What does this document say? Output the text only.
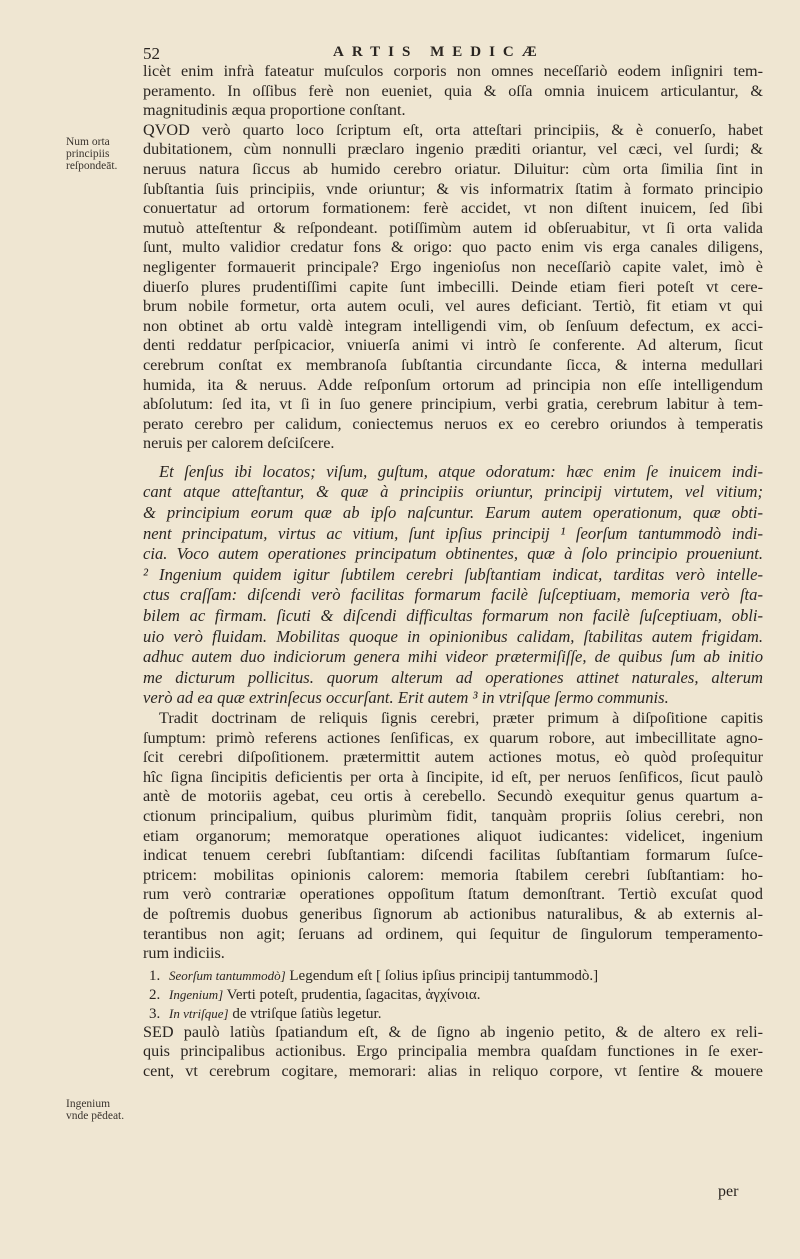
52	ARTIS MEDICÆ
Num orta
principiis
reſpondeāt.
Ingenium
vnde pēdeat.
licèt enim infrà fateatur muſculos corporis non omnes neceſſariò eodem inſigniri tem-
peramento. In oſſibus ferè non eueniet, quia & oſſa omnia inuicem articulantur, &
magnitudinis æqua proportione conſtant.
QVOD verò quarto loco ſcriptum eſt, orta atteſtari principiis, & è conuerſo, habet
dubitationem, cùm nonnulli præclaro ingenio præditi oriantur, vel cæci, vel ſurdi; &
neruus natura ſiccus ab humido cerebro oriatur. Diluitur: cùm orta ſimilia ſint in
ſubſtantia ſuis principiis, vnde oriuntur; & vis informatrix ſtatim à formato principio
conuertatur ad ortorum formationem: ferè accidet, vt non diſtent inuicem, ſed ſibi
mutuò atteſtentur & reſpondeant. potiſſimùm autem id obſeruabitur, vt ſi orta valida
ſunt, multo validior credatur fons & origo: quo pacto enim vis erga canales diligens,
negligenter formauerit principale? Ergo ingenioſus non neceſſariò capite valet, imò è
diuerſo plures prudentiſſimi capite ſunt imbecilli. Deinde etiam fieri poteſt vt cere-
brum nobile formetur, orta autem oculi, vel aures deficiant. Tertiò, fit etiam vt qui
non obtinet ab ortu valdè integram intelligendi vim, ob ſenſuum defectum, ex acci-
denti reddatur perſpicacior, vniuerſa animi vi intrò ſe conferente. Ad alterum, ſicut
cerebrum conſtat ex membranoſa ſubſtantia circundante ſicca, & interna medullari
humida, ita & neruus. Adde reſponſum ortorum ad principia non eſſe intelligendum
abſolutum: ſed ita, vt ſi in ſuo genere principium, verbi gratia, cerebrum labitur à tem-
perato cerebro per calidum, coniectemus neruos ex eo cerebro oriundos à temperatis
neruis per calorem deſciſcere.
Et ſenſus ibi locatos; viſum, guſtum, atque odoratum: hæc enim ſe inuicem indi-
cant atque atteſtantur, & quæ à principiis oriuntur, principij virtutem, vel vitium;
& principium eorum quæ ab ipſo naſcuntur. Earum autem operationum, quæ obti-
nent principatum, virtus ac vitium, ſunt ipſius principij ¹ ſeorſum tantummodò indi-
cia. Voco autem operationes principatum obtinentes, quæ à ſolo principio proueniunt.
² Ingenium quidem igitur ſubtilem cerebri ſubſtantiam indicat, tarditas verò intelle-
ctus craſſam: diſcendi verò facilitas formarum facilè ſuſceptiuam, memoria verò ſta-
bilem ac firmam. ſicuti & diſcendi difficultas formarum non facilè ſuſceptiuam, obli-
uio verò fluidam. Mobilitas quoque in opinionibus calidam, ſtabilitas autem frigidam.
adhuc autem duo indiciorum genera mihi videor prætermiſiſſe, de quibus ſum ab initio
me dicturum pollicitus. quorum alterum ad operationes attinet naturales, alterum
verò ad ea quæ extrinſecus occurſant. Erit autem ³ in vtriſque ſermo communis.
Tradit doctrinam de reliquis ſignis cerebri, præter primum à diſpoſitione capitis
ſumptum: primò referens actiones ſenſificas, ex quarum robore, aut imbecillitate agno-
ſcit cerebri diſpoſitionem. prætermittit autem actiones motus, eò quòd proſequitur
hîc ſigna ſincipitis deficientis per orta à ſincipite, id eſt, per neruos ſenſificos, ſicut paulò
antè de motoriis agebat, ceu ortis à cerebello. Secundò exequitur genus quartum a-
ctionum principalium, quibus plurimùm fidit, tanquàm propriis ſolius cerebri, non
etiam organorum; memoratque operationes aliquot iudicantes: videlicet, ingenium
indicat tenuem cerebri ſubſtantiam: diſcendi facilitas ſubſtantiam formarum ſuſce-
ptricem: mobilitas opinionis calorem: memoria ſtabilem cerebri ſubſtantiam: ho-
rum verò contrariæ operationes oppoſitum ſtatum demonſtrant. Tertiò excuſat quod
de poſtremis duobus generibus ſignorum ab actionibus naturalibus, & ab externis al-
terantibus non agit; ſeruans ad ordinem, qui ſequitur de ſingulorum temperamento-
rum indiciis.
1. Seorſum tantummodò] Legendum eſt [ ſolius ipſius principij tantummodò.]
2. Ingenium] Verti poteſt, prudentia, ſagacitas, ἀγχίνοια.
3. In vtriſque] de vtriſque ſatiùs legetur.
SED paulò latiùs ſpatiandum eſt, & de ſigno ab ingenio petito, & de altero ex reli-
quis principalibus actionibus. Ergo principalia membra quaſdam functiones in ſe exer-
cent, vt cerebrum cogitare, memorari: alias in reliquo corpore, vt ſentire & mouere
per
